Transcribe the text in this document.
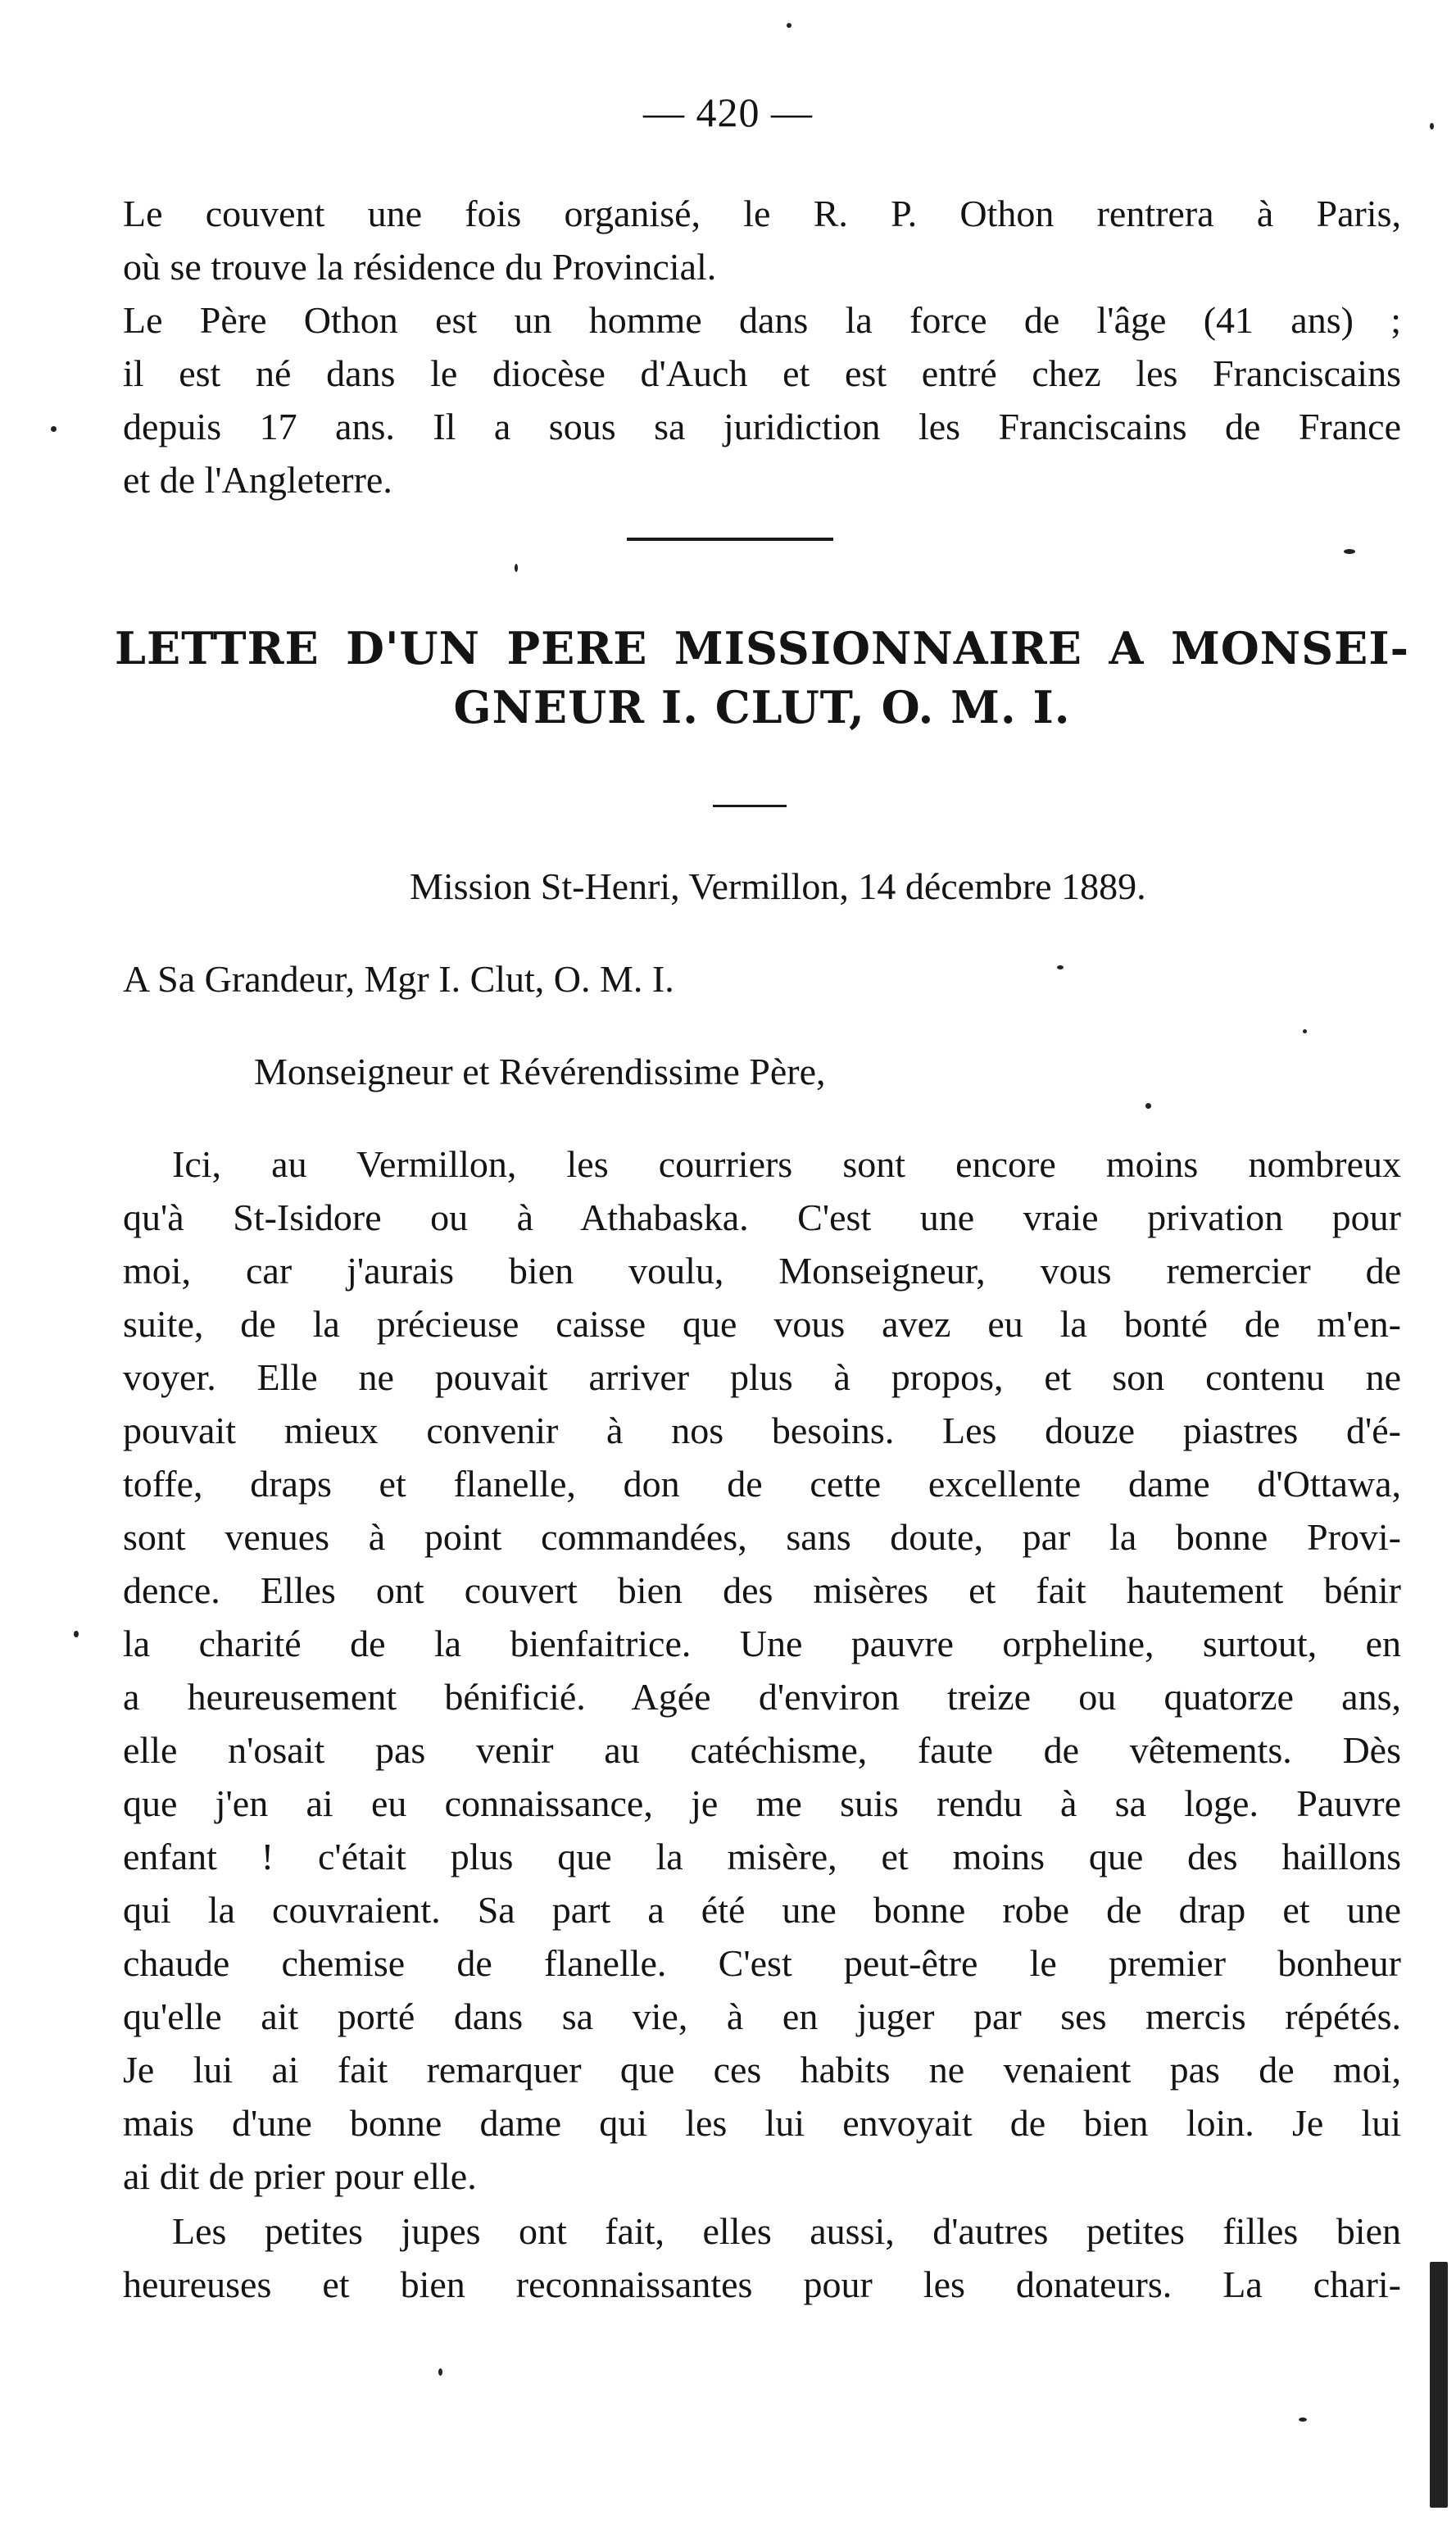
— 420 —
Le couvent une fois organisé, le R. P. Othon rentrera à Paris,
où se trouve la résidence du Provincial.
Le Père Othon est un homme dans la force de l'âge (41 ans) ;
il est né dans le diocèse d'Auch et est entré chez les Franciscains
depuis 17 ans. Il a sous sa juridiction les Franciscains de France
et de l'Angleterre.
LETTRE D'UN PERE MISSIONNAIRE A MONSEI-
GNEUR I. CLUT, O. M. I.
Mission St-Henri, Vermillon, 14 décembre 1889.
A Sa Grandeur, Mgr I. Clut, O. M. I.
Monseigneur et Révérendissime Père,
Ici, au Vermillon, les courriers sont encore moins nombreux
qu'à St-Isidore ou à Athabaska. C'est une vraie privation pour
moi, car j'aurais bien voulu, Monseigneur, vous remercier de
suite, de la précieuse caisse que vous avez eu la bonté de m'en-
voyer. Elle ne pouvait arriver plus à propos, et son contenu ne
pouvait mieux convenir à nos besoins. Les douze piastres d'é-
toffe, draps et flanelle, don de cette excellente dame d'Ottawa,
sont venues à point commandées, sans doute, par la bonne Provi-
dence. Elles ont couvert bien des misères et fait hautement bénir
la charité de la bienfaitrice. Une pauvre orpheline, surtout, en
a heureusement bénificié. Agée d'environ treize ou quatorze ans,
elle n'osait pas venir au catéchisme, faute de vêtements. Dès
que j'en ai eu connaissance, je me suis rendu à sa loge. Pauvre
enfant ! c'était plus que la misère, et moins que des haillons
qui la couvraient. Sa part a été une bonne robe de drap et une
chaude chemise de flanelle. C'est peut-être le premier bonheur
qu'elle ait porté dans sa vie, à en juger par ses mercis répétés.
Je lui ai fait remarquer que ces habits ne venaient pas de moi,
mais d'une bonne dame qui les lui envoyait de bien loin. Je lui
ai dit de prier pour elle.
Les petites jupes ont fait, elles aussi, d'autres petites filles bien
heureuses et bien reconnaissantes pour les donateurs. La chari-
